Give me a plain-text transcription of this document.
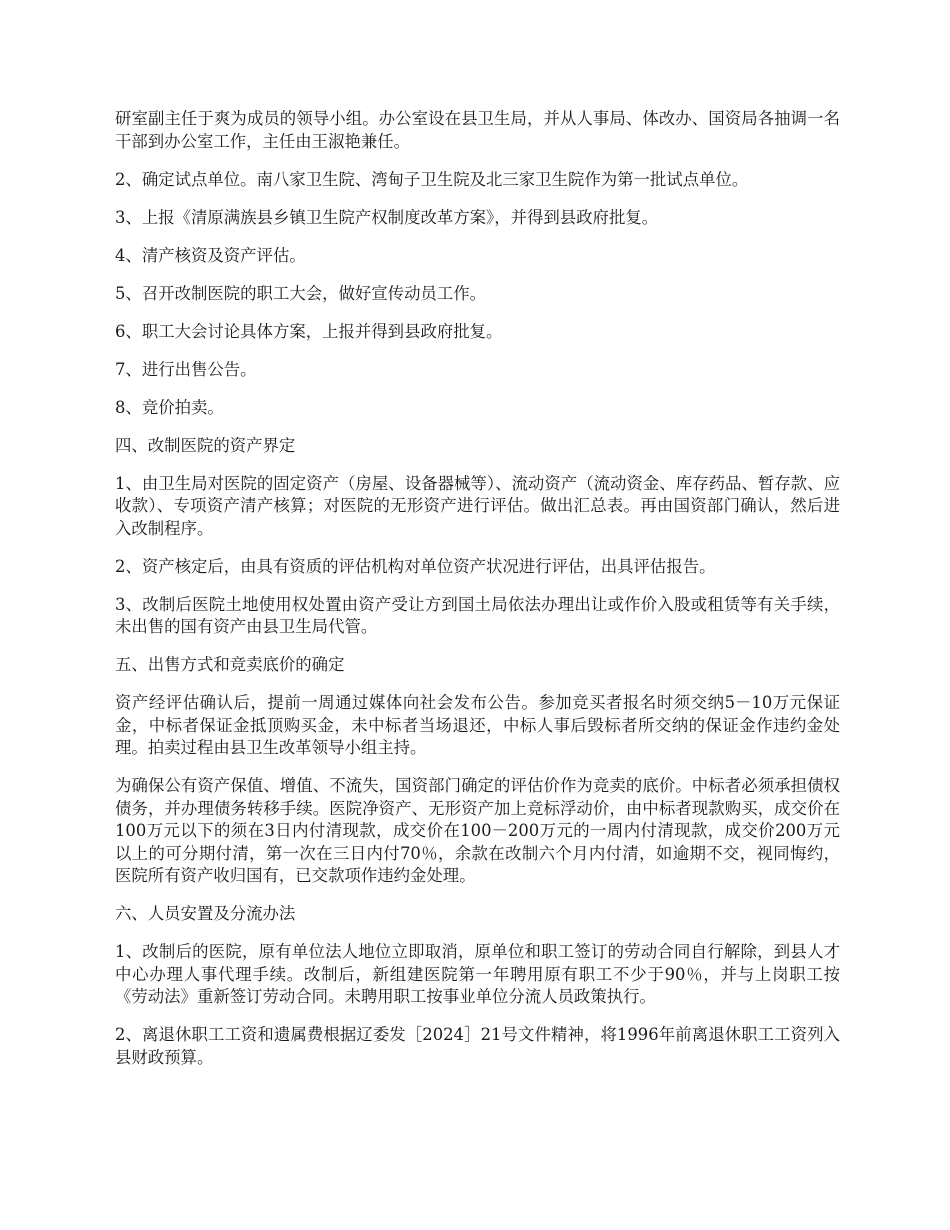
研室副主任于爽为成员的领导小组。办公室设在县卫生局，并从人事局、体改办、国资局各抽调一名干部到办公室工作，主任由王淑艳兼任。

2、确定试点单位。南八家卫生院、湾甸子卫生院及北三家卫生院作为第一批试点单位。

3、上报《清原满族县乡镇卫生院产权制度改革方案》，并得到县政府批复。

4、清产核资及资产评估。

5、召开改制医院的职工大会，做好宣传动员工作。

6、职工大会讨论具体方案，上报并得到县政府批复。

7、进行出售公告。

8、竞价拍卖。

四、改制医院的资产界定

1、由卫生局对医院的固定资产（房屋、设备器械等）、流动资产（流动资金、库存药品、暂存款、应收款）、专项资产清产核算；对医院的无形资产进行评估。做出汇总表。再由国资部门确认，然后进入改制程序。

2、资产核定后，由具有资质的评估机构对单位资产状况进行评估，出具评估报告。

3、改制后医院土地使用权处置由资产受让方到国土局依法办理出让或作价入股或租赁等有关手续，未出售的国有资产由县卫生局代管。

五、出售方式和竞卖底价的确定

资产经评估确认后，提前一周通过媒体向社会发布公告。参加竞买者报名时须交纳5－10万元保证金，中标者保证金抵顶购买金，未中标者当场退还，中标人事后毁标者所交纳的保证金作违约金处理。拍卖过程由县卫生改革领导小组主持。

为确保公有资产保值、增值、不流失，国资部门确定的评估价作为竞卖的底价。中标者必须承担债权债务，并办理债务转移手续。医院净资产、无形资产加上竞标浮动价，由中标者现款购买，成交价在100万元以下的须在3日内付清现款，成交价在100－200万元的一周内付清现款，成交价200万元以上的可分期付清，第一次在三日内付70％，余款在改制六个月内付清，如逾期不交，视同悔约，医院所有资产收归国有，已交款项作违约金处理。

六、人员安置及分流办法

1、改制后的医院，原有单位法人地位立即取消，原单位和职工签订的劳动合同自行解除，到县人才中心办理人事代理手续。改制后，新组建医院第一年聘用原有职工不少于90％，并与上岗职工按《劳动法》重新签订劳动合同。未聘用职工按事业单位分流人员政策执行。

2、离退休职工工资和遗属费根据辽委发［2024］21号文件精神，将1996年前离退休职工工资列入县财政预算。
